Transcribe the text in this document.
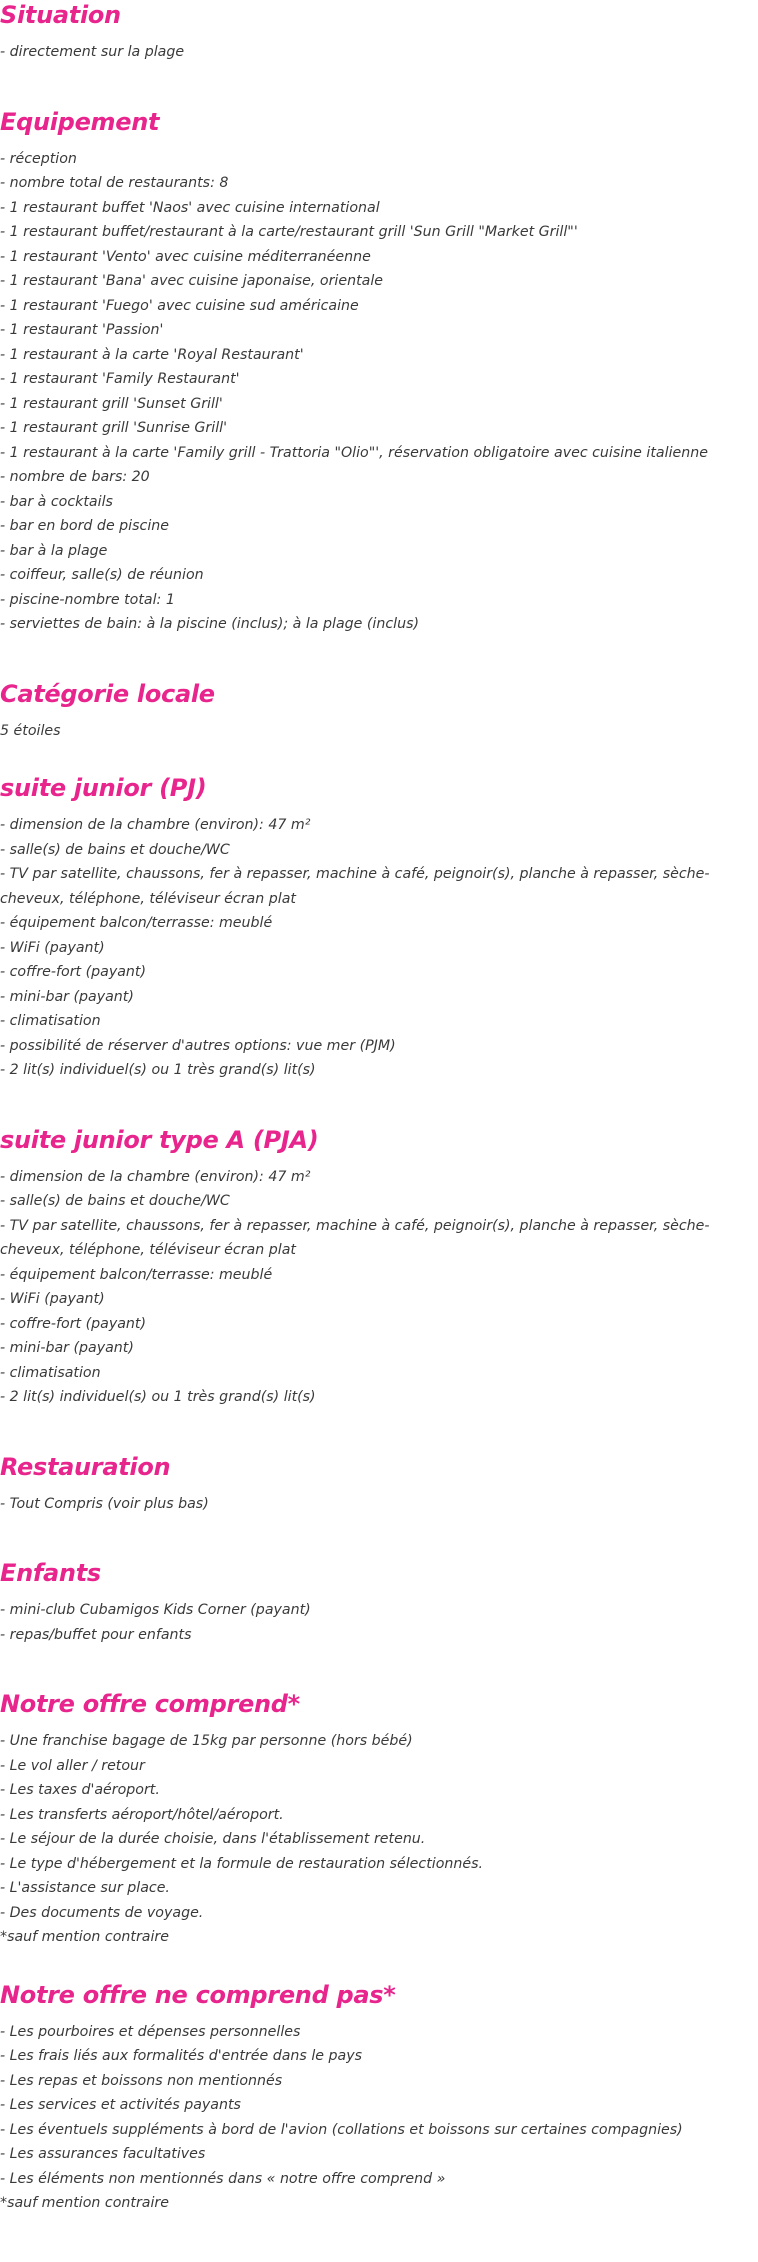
Situation

- directement sur la plage

Equipement

- réception

- nombre total de restaurants: 8

- 1 restaurant buffet 'Naos' avec cuisine international

- 1 restaurant buffet/restaurant à la carte/restaurant grill 'Sun Grill "Market Grill"'

- 1 restaurant 'Vento' avec cuisine méditerranéenne

- 1 restaurant 'Bana' avec cuisine japonaise, orientale

- 1 restaurant 'Fuego' avec cuisine sud américaine

- 1 restaurant 'Passion'

- 1 restaurant à la carte 'Royal Restaurant'

- 1 restaurant 'Family Restaurant'

- 1 restaurant grill 'Sunset Grill'

- 1 restaurant grill 'Sunrise Grill'

- 1 restaurant à la carte 'Family grill - Trattoria "Olio"', réservation obligatoire avec cuisine italienne

- nombre de bars: 20

- bar à cocktails

- bar en bord de piscine

- bar à la plage

- coiffeur, salle(s) de réunion

- piscine-nombre total: 1

- serviettes de bain: à la piscine (inclus); à la plage (inclus)

Catégorie locale

5 étoiles

suite junior (PJ)

- dimension de la chambre (environ): 47 m²

- salle(s) de bains et douche/WC

- TV par satellite, chaussons, fer à repasser, machine à café, peignoir(s), planche à repasser, sèche-cheveux, téléphone, téléviseur écran plat

- équipement balcon/terrasse: meublé

- WiFi (payant)

- coffre-fort (payant)

- mini-bar (payant)

- climatisation

- possibilité de réserver d'autres options: vue mer (PJM)

- 2 lit(s) individuel(s) ou 1 très grand(s) lit(s)

suite junior type A (PJA)

- dimension de la chambre (environ): 47 m²

- salle(s) de bains et douche/WC

- TV par satellite, chaussons, fer à repasser, machine à café, peignoir(s), planche à repasser, sèche-cheveux, téléphone, téléviseur écran plat

- équipement balcon/terrasse: meublé

- WiFi (payant)

- coffre-fort (payant)

- mini-bar (payant)

- climatisation

- 2 lit(s) individuel(s) ou 1 très grand(s) lit(s)

Restauration

- Tout Compris (voir plus bas)

Enfants

- mini-club Cubamigos Kids Corner (payant)

- repas/buffet pour enfants

Notre offre comprend*

- Une franchise bagage de 15kg par personne (hors bébé)

- Le vol aller / retour

- Les taxes d'aéroport.

- Les transferts aéroport/hôtel/aéroport.

- Le séjour de la durée choisie, dans l'établissement retenu.

- Le type d'hébergement et la formule de restauration sélectionnés.

- L'assistance sur place.

- Des documents de voyage.

*sauf mention contraire

Notre offre ne comprend pas*

- Les pourboires et dépenses personnelles

- Les frais liés aux formalités d'entrée dans le pays

- Les repas et boissons non mentionnés

- Les services et activités payants

- Les éventuels suppléments à bord de l'avion (collations et boissons sur certaines compagnies)

- Les assurances facultatives

- Les éléments non mentionnés dans « notre offre comprend »

*sauf mention contraire
